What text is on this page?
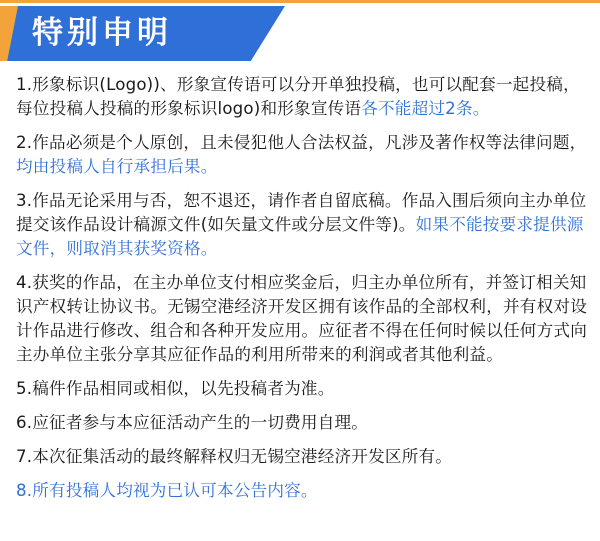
特别申明

1.形象标识(Logo))、形象宣传语可以分开单独投稿，也可以配套一起投稿，每位投稿人投稿的形象标识logo)和形象宣传语各不能超过2条。

2.作品必须是个人原创，且未侵犯他人合法权益，凡涉及著作权等法律问题，均由投稿人自行承担后果。

3.作品无论采用与否，恕不退还，请作者自留底稿。作品入围后须向主办单位提交该作品设计稿源文件(如矢量文件或分层文件等)。如果不能按要求提供源文件，则取消其获奖资格。

4.获奖的作品，在主办单位支付相应奖金后，归主办单位所有，并签订相关知识产权转让协议书。无锡空港经济开发区拥有该作品的全部权利，并有权对设计作品进行修改、组合和各种开发应用。应征者不得在任何时候以任何方式向主办单位主张分享其应征作品的利用所带来的利润或者其他利益。

5.稿件作品相同或相似，以先投稿者为准。

6.应征者参与本应征活动产生的一切费用自理。

7.本次征集活动的最终解释权归无锡空港经济开发区所有。

8.所有投稿人均视为已认可本公告内容。
